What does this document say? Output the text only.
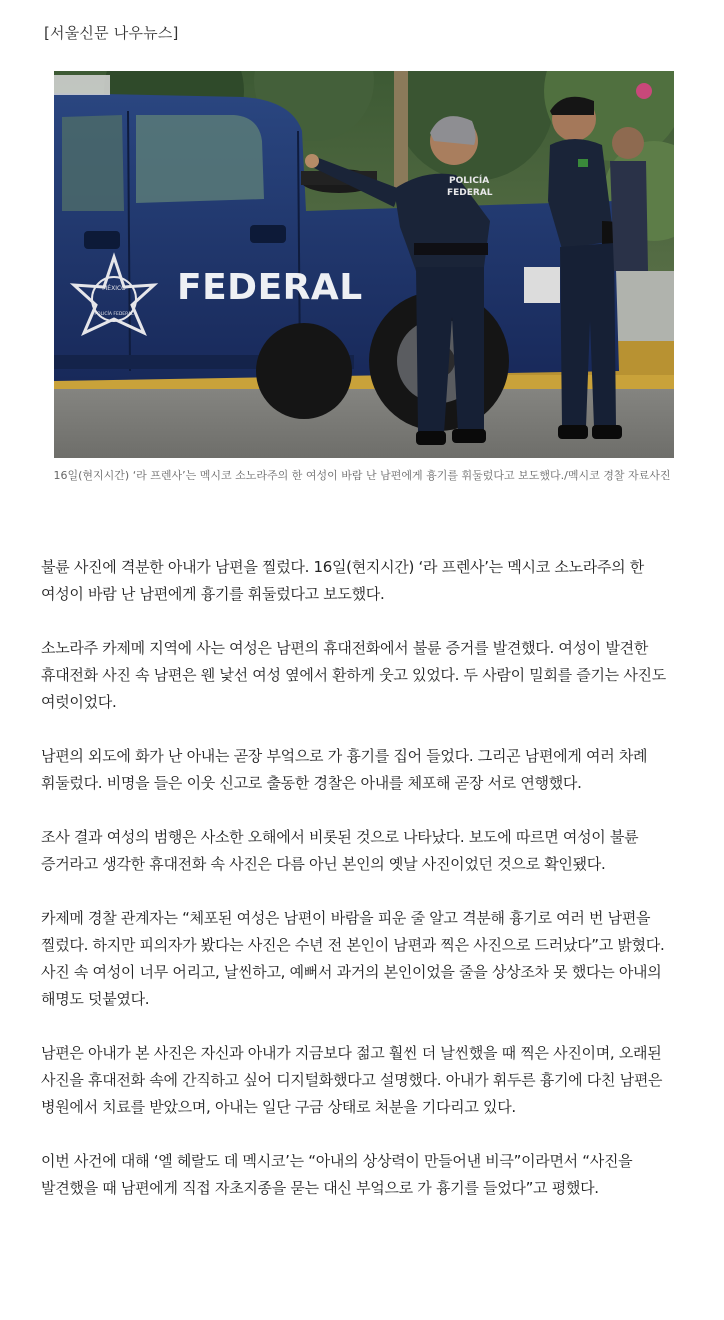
[서울신문 나우뉴스]
MÉXICO
POLICÍA FEDERAL
FEDERAL
POLICÍA
FEDERAL
16일(현지시간) ‘라 프렌사’는 멕시코 소노라주의 한 여성이 바람 난 남편에게 흉기를 휘둘렀다고 보도했다./멕시코 경찰 자료사진

불륜 사진에 격분한 아내가 남편을 찔렀다. 16일(현지시간) ‘라 프렌사’는 멕시코 소노라주의 한 여성이 바람 난 남편에게 흉기를 휘둘렀다고 보도했다.

소노라주 카제메 지역에 사는 여성은 남편의 휴대전화에서 불륜 증거를 발견했다. 여성이 발견한 휴대전화 사진 속 남편은 웬 낯선 여성 옆에서 환하게 웃고 있었다. 두 사람이 밀회를 즐기는 사진도 여럿이었다.

남편의 외도에 화가 난 아내는 곧장 부엌으로 가 흉기를 집어 들었다. 그리곤 남편에게 여러 차례 휘둘렀다. 비명을 들은 이웃 신고로 출동한 경찰은 아내를 체포해 곧장 서로 연행했다.

조사 결과 여성의 범행은 사소한 오해에서 비롯된 것으로 나타났다. 보도에 따르면 여성이 불륜 증거라고 생각한 휴대전화 속 사진은 다름 아닌 본인의 옛날 사진이었던 것으로 확인됐다.

카제메 경찰 관계자는 “체포된 여성은 남편이 바람을 피운 줄 알고 격분해 흉기로 여러 번 남편을 찔렀다. 하지만 피의자가 봤다는 사진은 수년 전 본인이 남편과 찍은 사진으로 드러났다”고 밝혔다. 사진 속 여성이 너무 어리고, 날씬하고, 예뻐서 과거의 본인이었을 줄을 상상조차 못 했다는 아내의 해명도 덧붙였다.

남편은 아내가 본 사진은 자신과 아내가 지금보다 젊고 훨씬 더 날씬했을 때 찍은 사진이며, 오래된 사진을 휴대전화 속에 간직하고 싶어 디지털화했다고 설명했다. 아내가 휘두른 흉기에 다친 남편은 병원에서 치료를 받았으며, 아내는 일단 구금 상태로 처분을 기다리고 있다.

이번 사건에 대해 ‘엘 헤랄도 데 멕시코’는 “아내의 상상력이 만들어낸 비극”이라면서 “사진을 발견했을 때 남편에게 직접 자초지종을 묻는 대신 부엌으로 가 흉기를 들었다”고 평했다.
